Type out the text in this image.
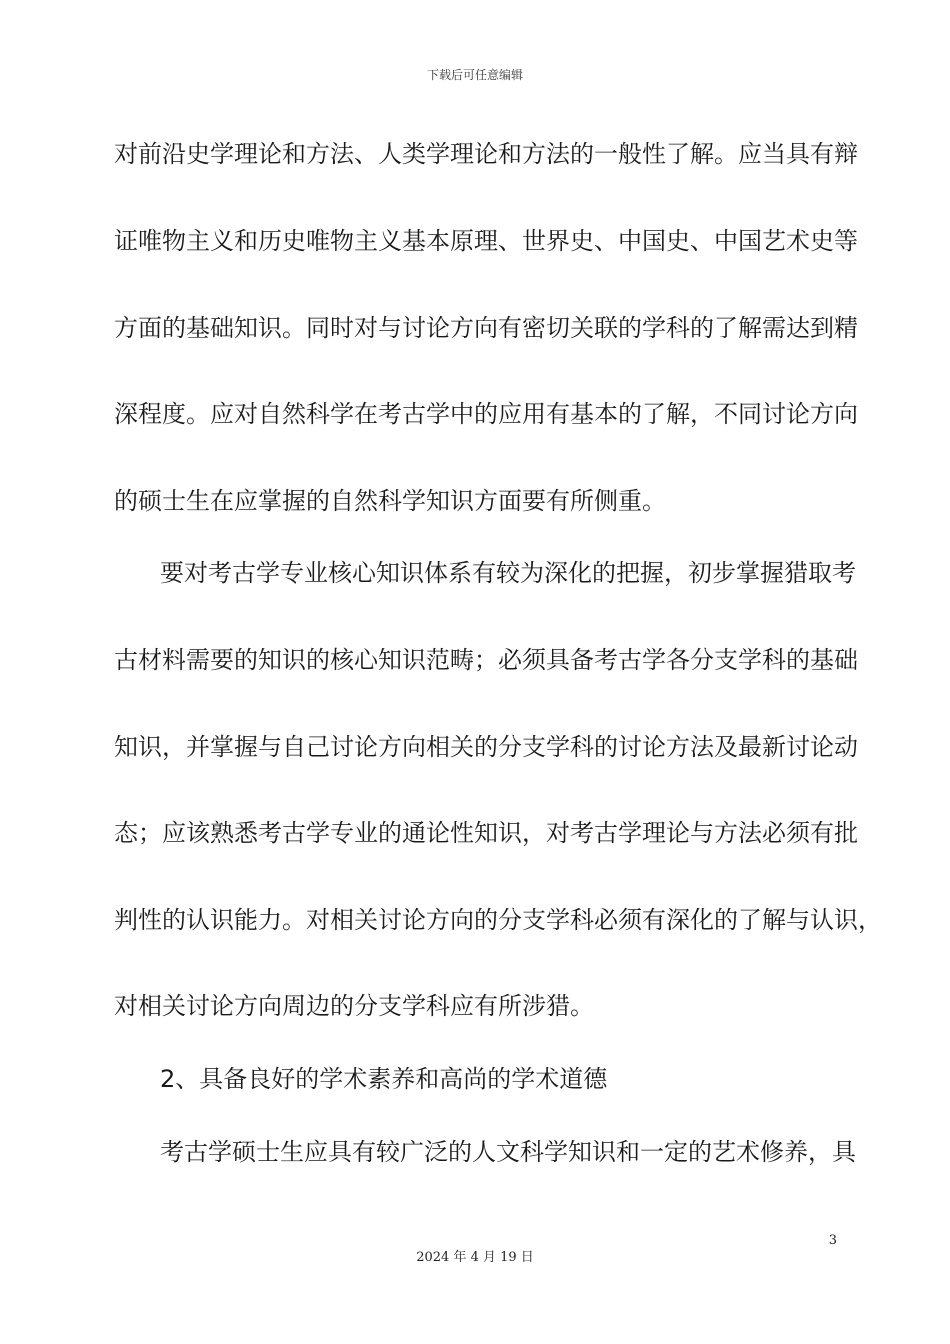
下载后可任意编辑
对前沿史学理论和方法、人类学理论和方法的一般性了解。应当具有辩
证唯物主义和历史唯物主义基本原理、世界史、中国史、中国艺术史等
方面的基础知识。同时对与讨论方向有密切关联的学科的了解需达到精
深程度。应对自然科学在考古学中的应用有基本的了解，不同讨论方向
的硕士生在应掌握的自然科学知识方面要有所侧重。
要对考古学专业核心知识体系有较为深化的把握，初步掌握猎取考
古材料需要的知识的核心知识范畴；必须具备考古学各分支学科的基础
知识，并掌握与自己讨论方向相关的分支学科的讨论方法及最新讨论动
态；应该熟悉考古学专业的通论性知识，对考古学理论与方法必须有批
判性的认识能力。对相关讨论方向的分支学科必须有深化的了解与认识，
对相关讨论方向周边的分支学科应有所涉猎。
2、具备良好的学术素养和高尚的学术道德
考古学硕士生应具有较广泛的人文科学知识和一定的艺术修养，具
3
2024 年 4 月 19 日
